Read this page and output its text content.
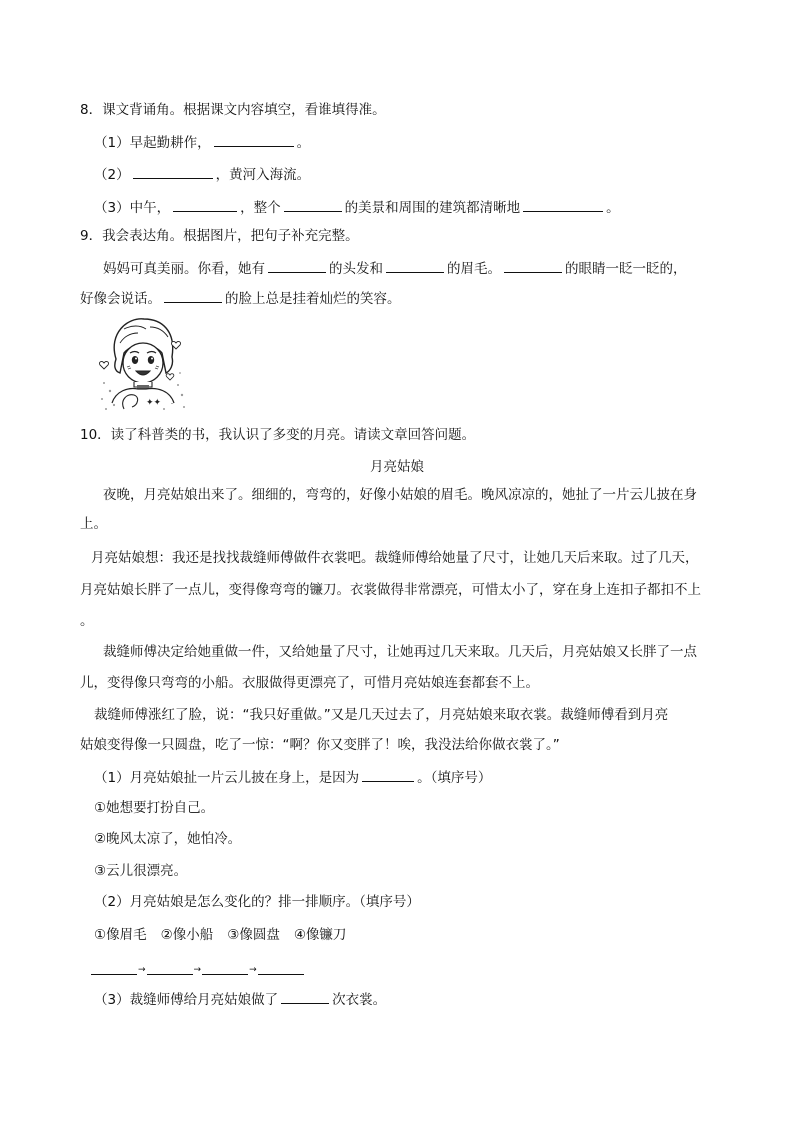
8．课文背诵角。根据课文内容填空，看谁填得准。
（1）早起勤耕作，	。
（2）	，黄河入海流。
（3）中午，	，整个	的美景和周围的建筑都清晰地	。
9．我会表达角。根据图片，把句子补充完整。
妈妈可真美丽。你看，她有	的头发和	的眉毛。	的眼睛一眨一眨的，
好像会说话。	的脸上总是挂着灿烂的笑容。
✦✦
10．读了科普类的书，我认识了多变的月亮。请读文章回答问题。
月亮姑娘
夜晚，月亮姑娘出来了。细细的，弯弯的，好像小姑娘的眉毛。晚风凉凉的，她扯了一片云儿披在身
上。
月亮姑娘想：我还是找找裁缝师傅做件衣裳吧。裁缝师傅给她量了尺寸，让她几天后来取。过了几天，
月亮姑娘长胖了一点儿，变得像弯弯的镰刀。衣裳做得非常漂亮，可惜太小了，穿在身上连扣子都扣不上
。
裁缝师傅决定给她重做一件，又给她量了尺寸，让她再过几天来取。几天后，月亮姑娘又长胖了一点
儿，变得像只弯弯的小船。衣服做得更漂亮了，可惜月亮姑娘连套都套不上。
裁缝师傅涨红了脸，说：“我只好重做。”又是几天过去了，月亮姑娘来取衣裳。裁缝师傅看到月亮
姑娘变得像一只圆盘，吃了一惊：“啊？你又变胖了！唉，我没法给你做衣裳了。”
（1）月亮姑娘扯一片云儿披在身上，是因为	。（填序号）
①她想要打扮自己。
②晚风太凉了，她怕冷。
③云儿很漂亮。
（2）月亮姑娘是怎么变化的？排一排顺序。（填序号）
①像眉毛 ②像小船 ③像圆盘 ④像镰刀
→	→	→
（3）裁缝师傅给月亮姑娘做了	次衣裳。
